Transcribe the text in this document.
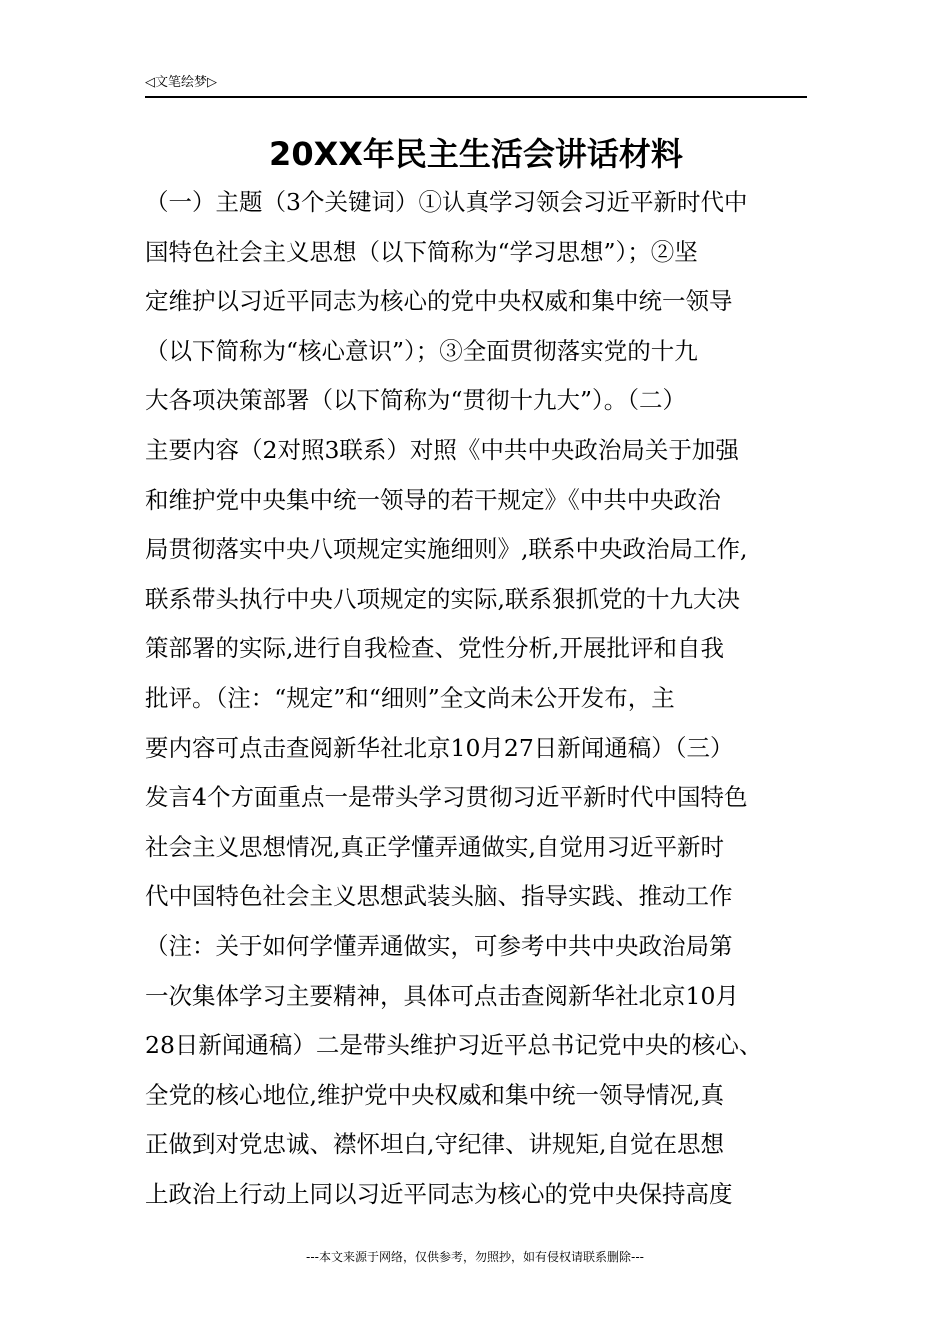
◁文笔绘梦▷
20XX年民主生活会讲话材料
（一）主题（3个关键词）①认真学习领会习近平新时代中
国特色社会主义思想（以下简称为“学习思想”）；②坚
定维护以习近平同志为核心的党中央权威和集中统一领导
（以下简称为“核心意识”）；③全面贯彻落实党的十九
大各项决策部署（以下简称为“贯彻十九大”）。（二）
主要内容（2对照3联系）对照《中共中央政治局关于加强
和维护党中央集中统一领导的若干规定》《中共中央政治
局贯彻落实中央八项规定实施细则》,联系中央政治局工作,
联系带头执行中央八项规定的实际,联系狠抓党的十九大决
策部署的实际,进行自我检查、党性分析,开展批评和自我
批评。（注：“规定”和“细则”全文尚未公开发布，主
要内容可点击查阅新华社北京10月27日新闻通稿）（三）
发言4个方面重点一是带头学习贯彻习近平新时代中国特色
社会主义思想情况,真正学懂弄通做实,自觉用习近平新时
代中国特色社会主义思想武装头脑、指导实践、推动工作
（注：关于如何学懂弄通做实，可参考中共中央政治局第
一次集体学习主要精神，具体可点击查阅新华社北京10月
28日新闻通稿）二是带头维护习近平总书记党中央的核心、
全党的核心地位,维护党中央权威和集中统一领导情况,真
正做到对党忠诚、襟怀坦白,守纪律、讲规矩,自觉在思想
上政治上行动上同以习近平同志为核心的党中央保持高度
---本文来源于网络，仅供参考，勿照抄，如有侵权请联系删除---
